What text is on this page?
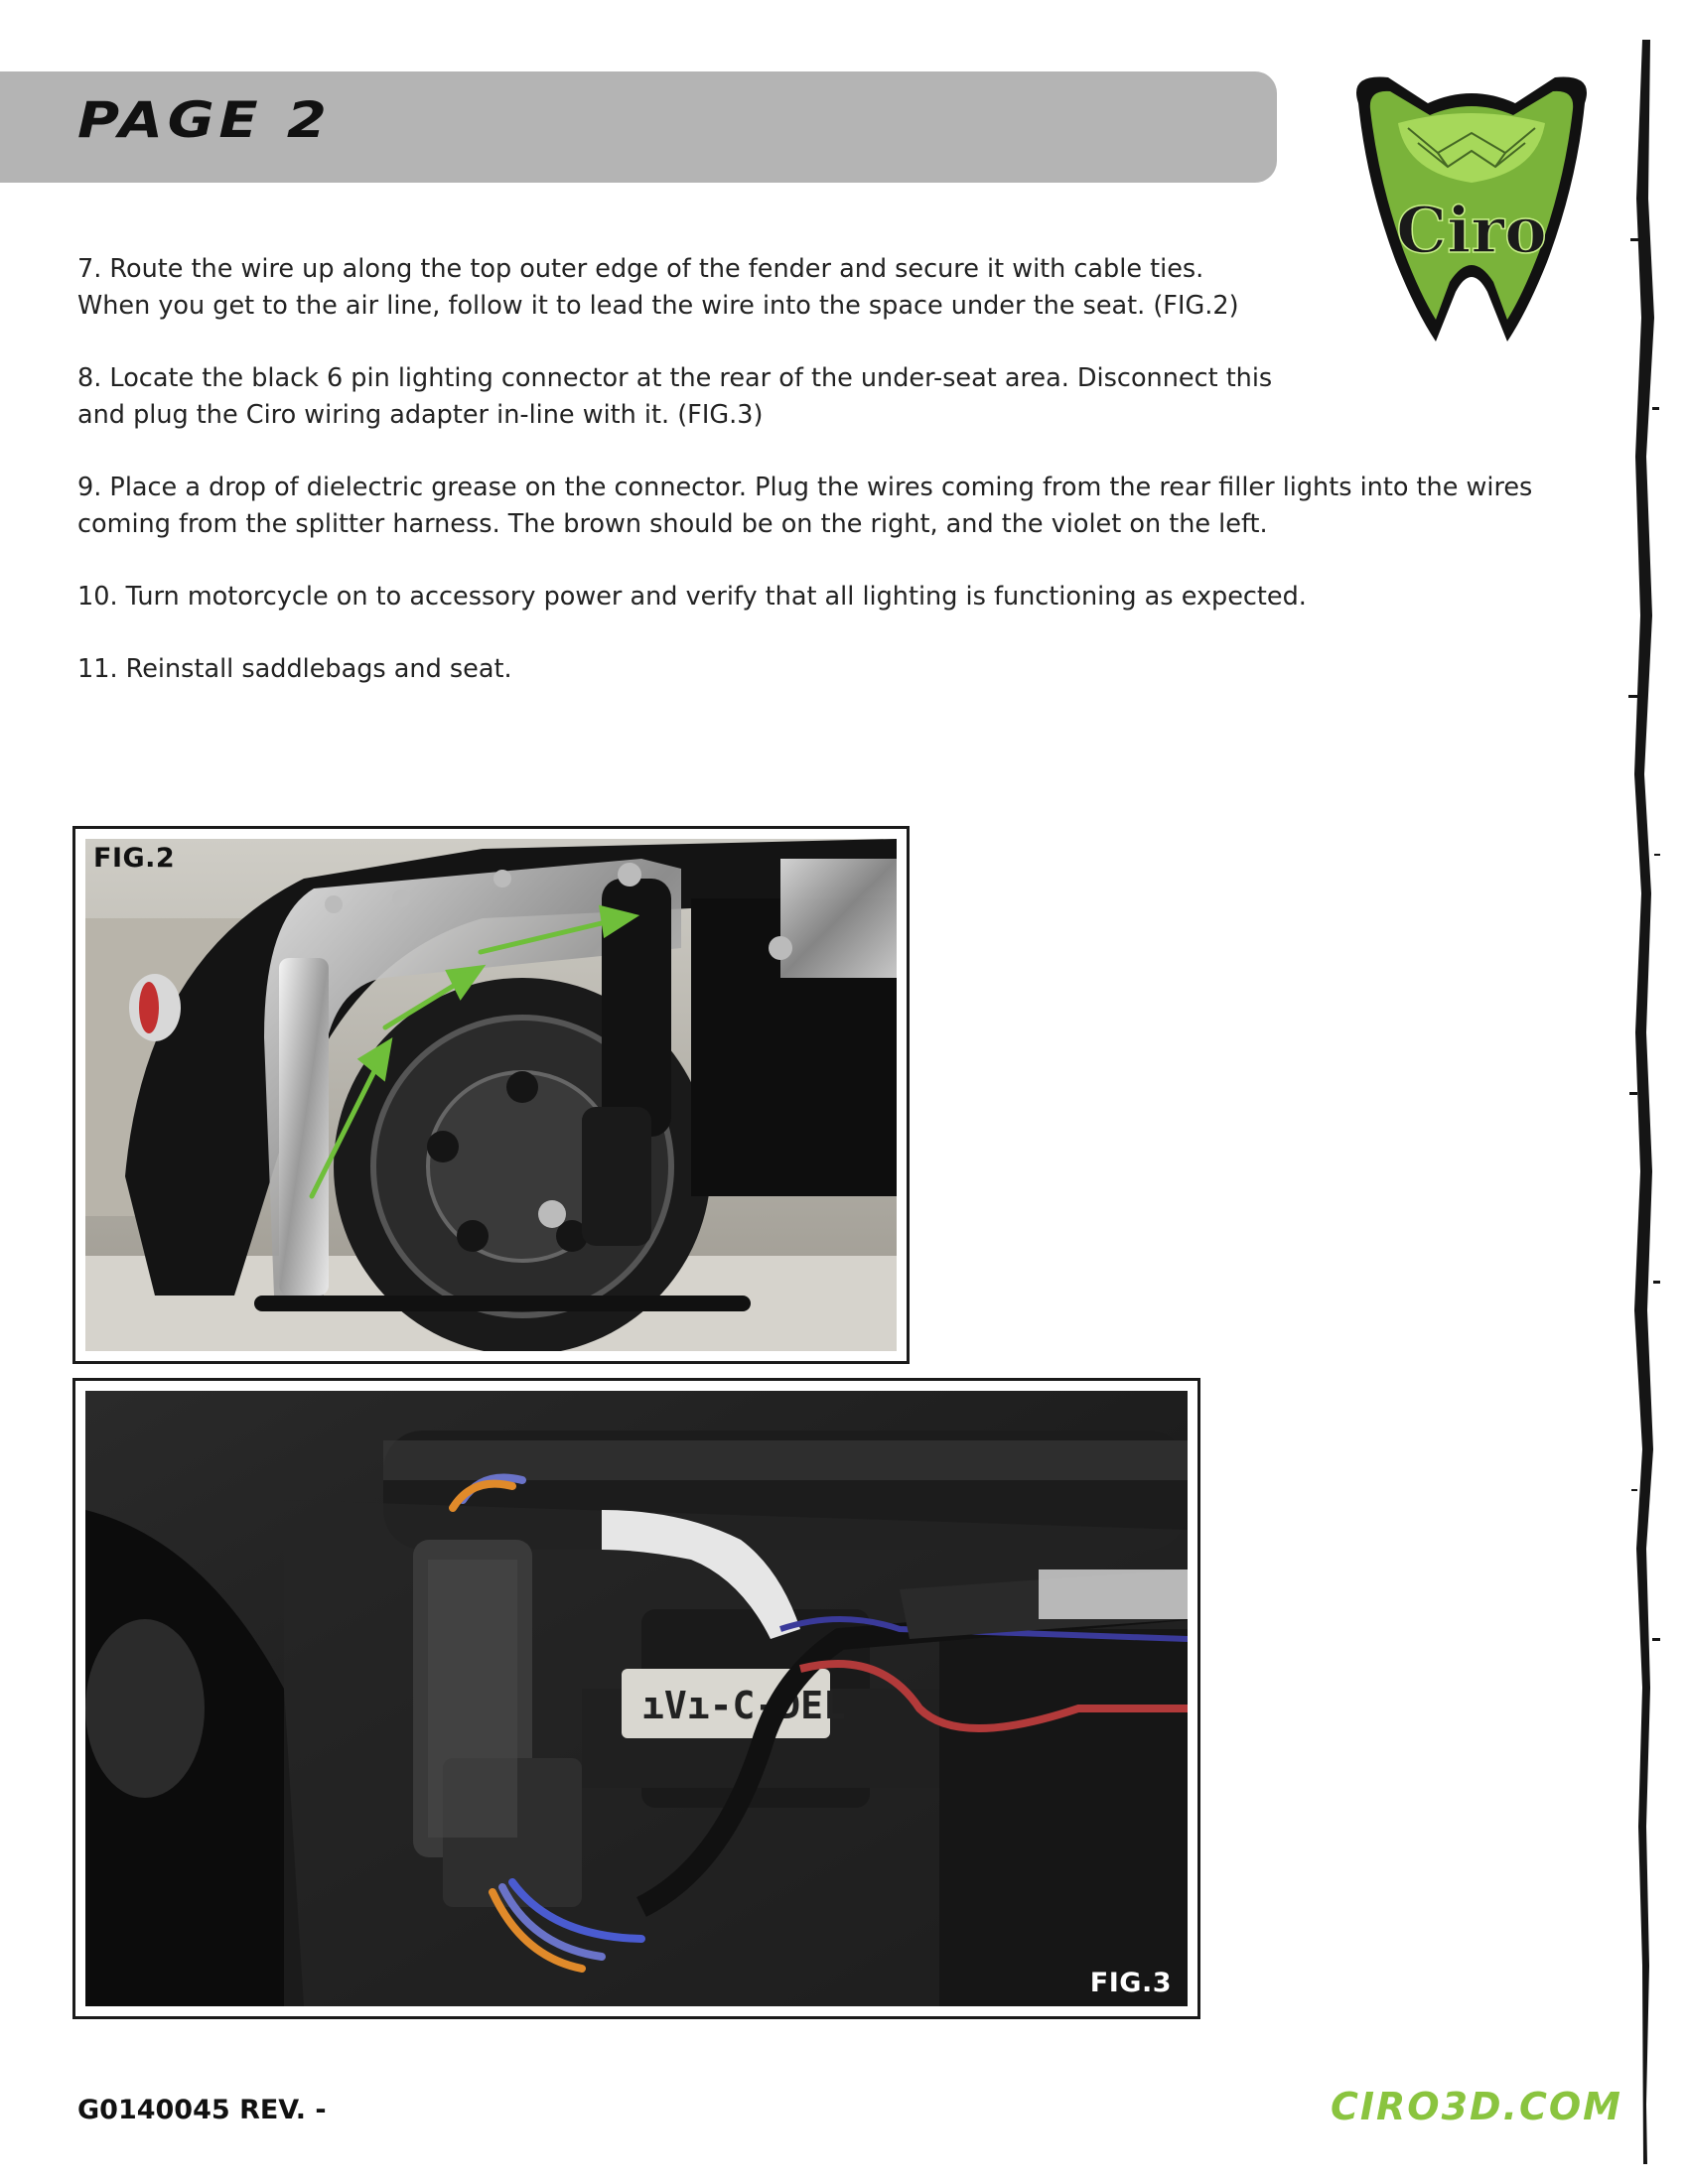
PAGE 2
Ciro

7. Route the wire up along the top outer edge of the fender and secure it with cable ties.
When you get to the air line, follow it to lead the wire into the space under the seat. (FIG.2)

8. Locate the black 6 pin lighting connector at the rear of the under-seat area. Disconnect this
and plug the Ciro wiring adapter in-line with it. (FIG.3)

9. Place a drop of dielectric grease on the connector. Plug the wires coming from the rear filler lights into the wires
coming from the splitter harness. The brown should be on the right, and the violet on the left.

10. Turn motorcycle on to accessory power and verify that all lighting is functioning as expected.

11. Reinstall saddlebags and seat.

FIG.2
ıVı-C-DEL
FIG.3

G0140045 REV. -	CIRO3D.COM
